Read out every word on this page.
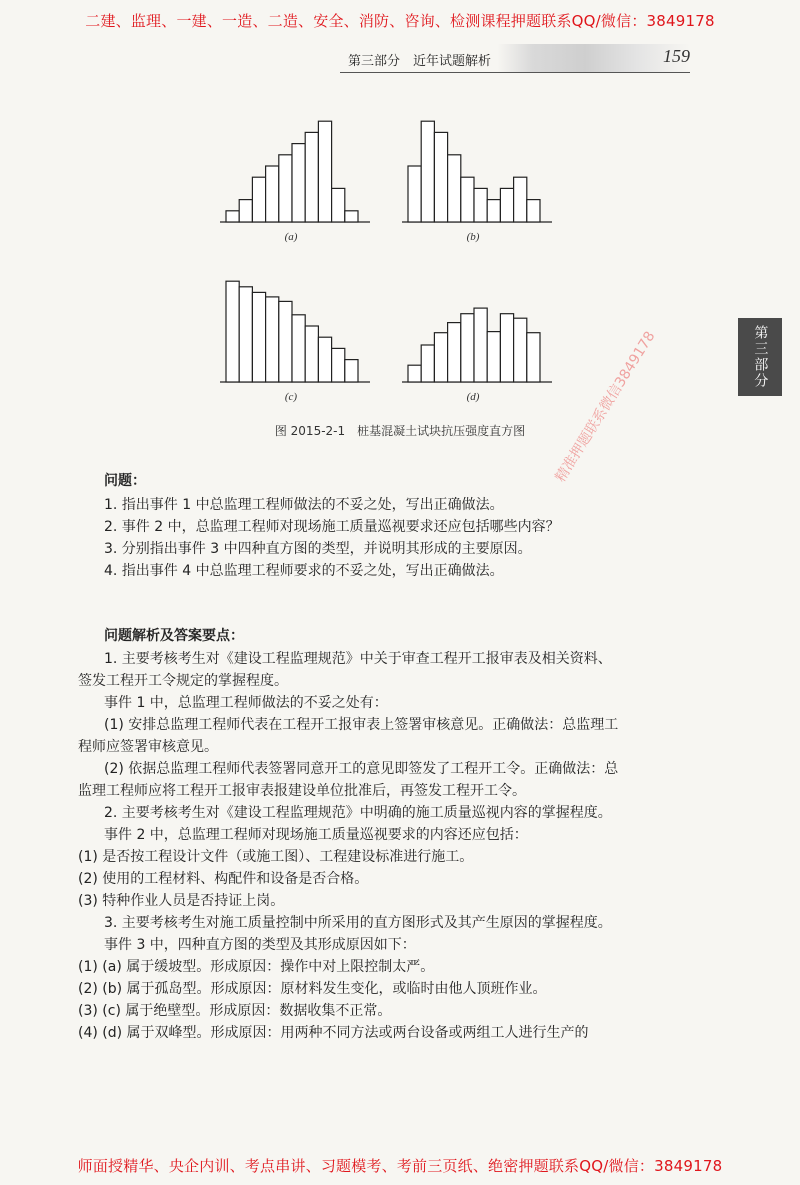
二建、监理、一建、一造、二造、安全、消防、咨询、检测课程押题联系QQ/微信：3849178
第三部分　近年试题解析	159
第三部分
(a)	(b)
(c)	(d)
图 2015-2-1　桩基混凝土试块抗压强度直方图	精准押题联系微信3849178
问题：
1. 指出事件 1 中总监理工程师做法的不妥之处，写出正确做法。
2. 事件 2 中，总监理工程师对现场施工质量巡视要求还应包括哪些内容？
3. 分别指出事件 3 中四种直方图的类型，并说明其形成的主要原因。
4. 指出事件 4 中总监理工程师要求的不妥之处，写出正确做法。
问题解析及答案要点：
1. 主要考核考生对《建设工程监理规范》中关于审查工程开工报审表及相关资料、
签发工程开工令规定的掌握程度。
事件 1 中，总监理工程师做法的不妥之处有：
(1) 安排总监理工程师代表在工程开工报审表上签署审核意见。正确做法：总监理工
程师应签署审核意见。
(2) 依据总监理工程师代表签署同意开工的意见即签发了工程开工令。正确做法：总
监理工程师应将工程开工报审表报建设单位批准后，再签发工程开工令。
2. 主要考核考生对《建设工程监理规范》中明确的施工质量巡视内容的掌握程度。
事件 2 中，总监理工程师对现场施工质量巡视要求的内容还应包括：
(1) 是否按工程设计文件（或施工图）、工程建设标准进行施工。
(2) 使用的工程材料、构配件和设备是否合格。
(3) 特种作业人员是否持证上岗。
3. 主要考核考生对施工质量控制中所采用的直方图形式及其产生原因的掌握程度。
事件 3 中，四种直方图的类型及其形成原因如下：
(1) (a) 属于缓坡型。形成原因：操作中对上限控制太严。
(2) (b) 属于孤岛型。形成原因：原材料发生变化，或临时由他人顶班作业。
(3) (c) 属于绝壁型。形成原因：数据收集不正常。
(4) (d) 属于双峰型。形成原因：用两种不同方法或两台设备或两组工人进行生产的
师面授精华、央企内训、考点串讲、习题模考、考前三页纸、绝密押题联系QQ/微信：3849178
